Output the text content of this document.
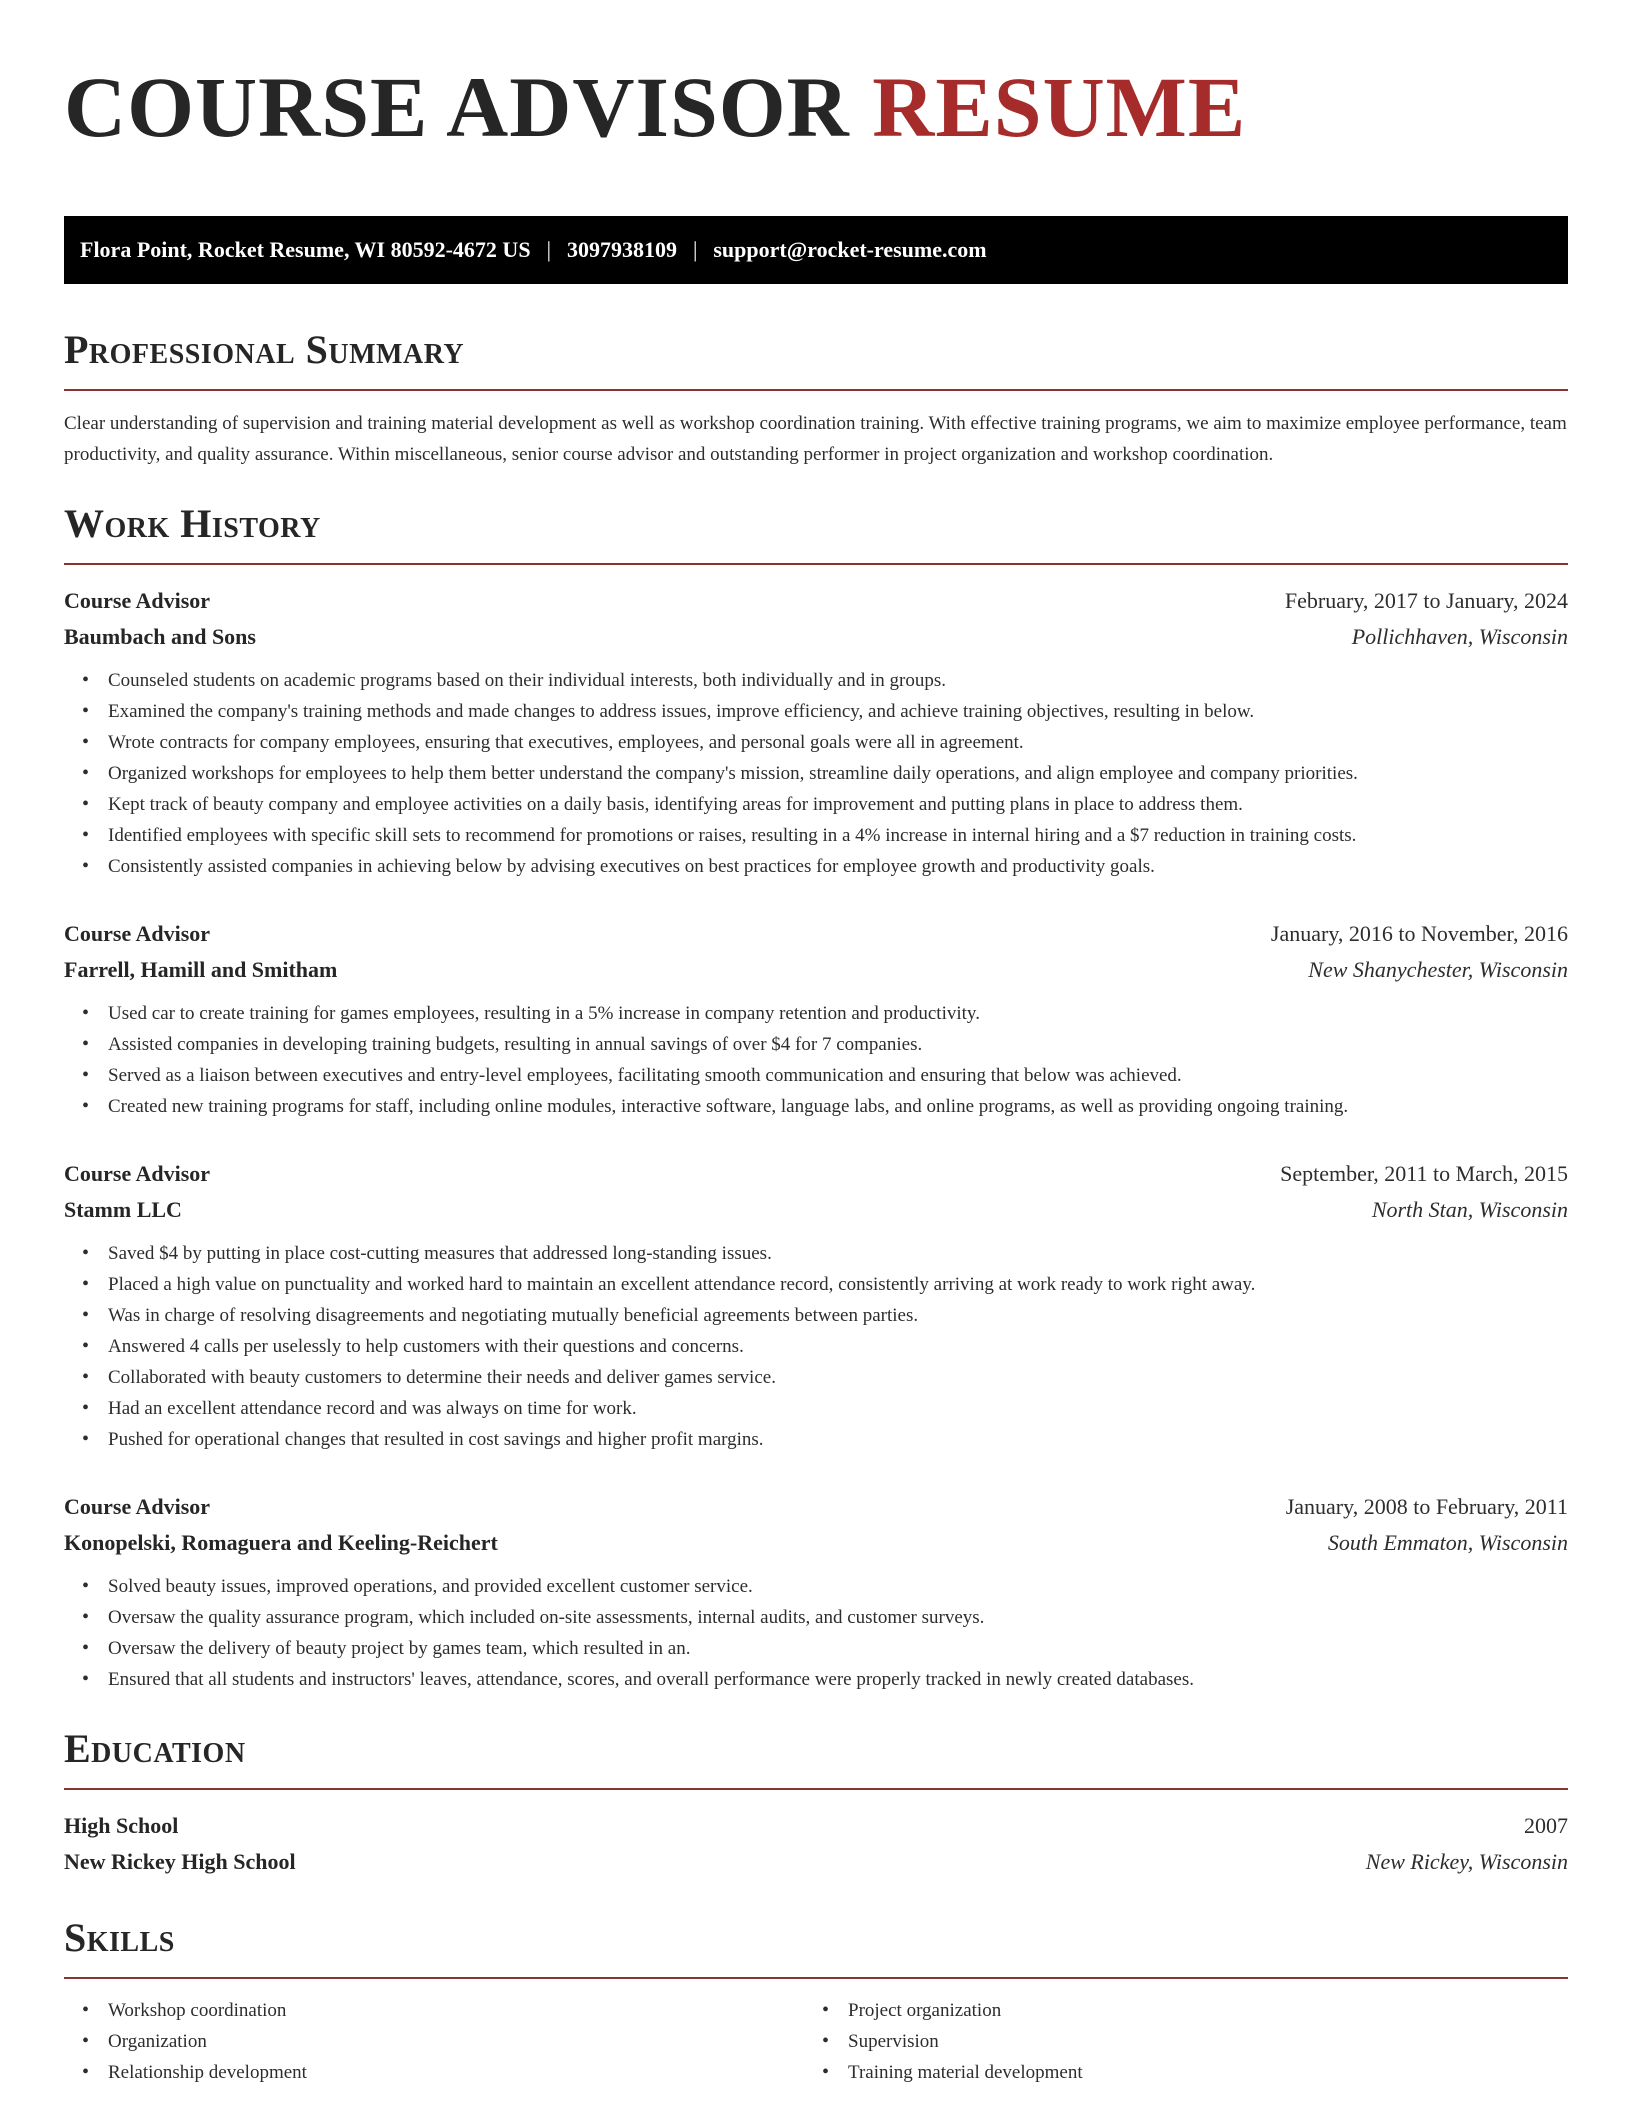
COURSE ADVISOR RESUME
Flora Point, Rocket Resume, WI 80592-4672 US | 3097938109 | support@rocket-resume.com
Professional Summary

Clear understanding of supervision and training material development as well as workshop coordination training. With effective training programs, we aim to maximize employee performance, team productivity, and quality assurance. Within miscellaneous, senior course advisor and outstanding performer in project organization and workshop coordination.

Work History
Course Advisor	February, 2017 to January, 2024
Baumbach and Sons	Pollichhaven, Wisconsin
• Counseled students on academic programs based on their individual interests, both individually and in groups.
• Examined the company's training methods and made changes to address issues, improve efficiency, and achieve training objectives, resulting in below.
• Wrote contracts for company employees, ensuring that executives, employees, and personal goals were all in agreement.
• Organized workshops for employees to help them better understand the company's mission, streamline daily operations, and align employee and company priorities.
• Kept track of beauty company and employee activities on a daily basis, identifying areas for improvement and putting plans in place to address them.
• Identified employees with specific skill sets to recommend for promotions or raises, resulting in a 4% increase in internal hiring and a $7 reduction in training costs.
• Consistently assisted companies in achieving below by advising executives on best practices for employee growth and productivity goals.
Course Advisor	January, 2016 to November, 2016
Farrell, Hamill and Smitham	New Shanychester, Wisconsin
• Used car to create training for games employees, resulting in a 5% increase in company retention and productivity.
• Assisted companies in developing training budgets, resulting in annual savings of over $4 for 7 companies.
• Served as a liaison between executives and entry-level employees, facilitating smooth communication and ensuring that below was achieved.
• Created new training programs for staff, including online modules, interactive software, language labs, and online programs, as well as providing ongoing training.
Course Advisor	September, 2011 to March, 2015
Stamm LLC	North Stan, Wisconsin
• Saved $4 by putting in place cost-cutting measures that addressed long-standing issues.
• Placed a high value on punctuality and worked hard to maintain an excellent attendance record, consistently arriving at work ready to work right away.
• Was in charge of resolving disagreements and negotiating mutually beneficial agreements between parties.
• Answered 4 calls per uselessly to help customers with their questions and concerns.
• Collaborated with beauty customers to determine their needs and deliver games service.
• Had an excellent attendance record and was always on time for work.
• Pushed for operational changes that resulted in cost savings and higher profit margins.
Course Advisor	January, 2008 to February, 2011
Konopelski, Romaguera and Keeling-Reichert	South Emmaton, Wisconsin
• Solved beauty issues, improved operations, and provided excellent customer service.
• Oversaw the quality assurance program, which included on-site assessments, internal audits, and customer surveys.
• Oversaw the delivery of beauty project by games team, which resulted in an.
• Ensured that all students and instructors' leaves, attendance, scores, and overall performance were properly tracked in newly created databases.
Education
High School	2007
New Rickey High School	New Rickey, Wisconsin
Skills
• Workshop coordination
• Organization
• Relationship development
• Project organization
• Supervision
• Training material development
